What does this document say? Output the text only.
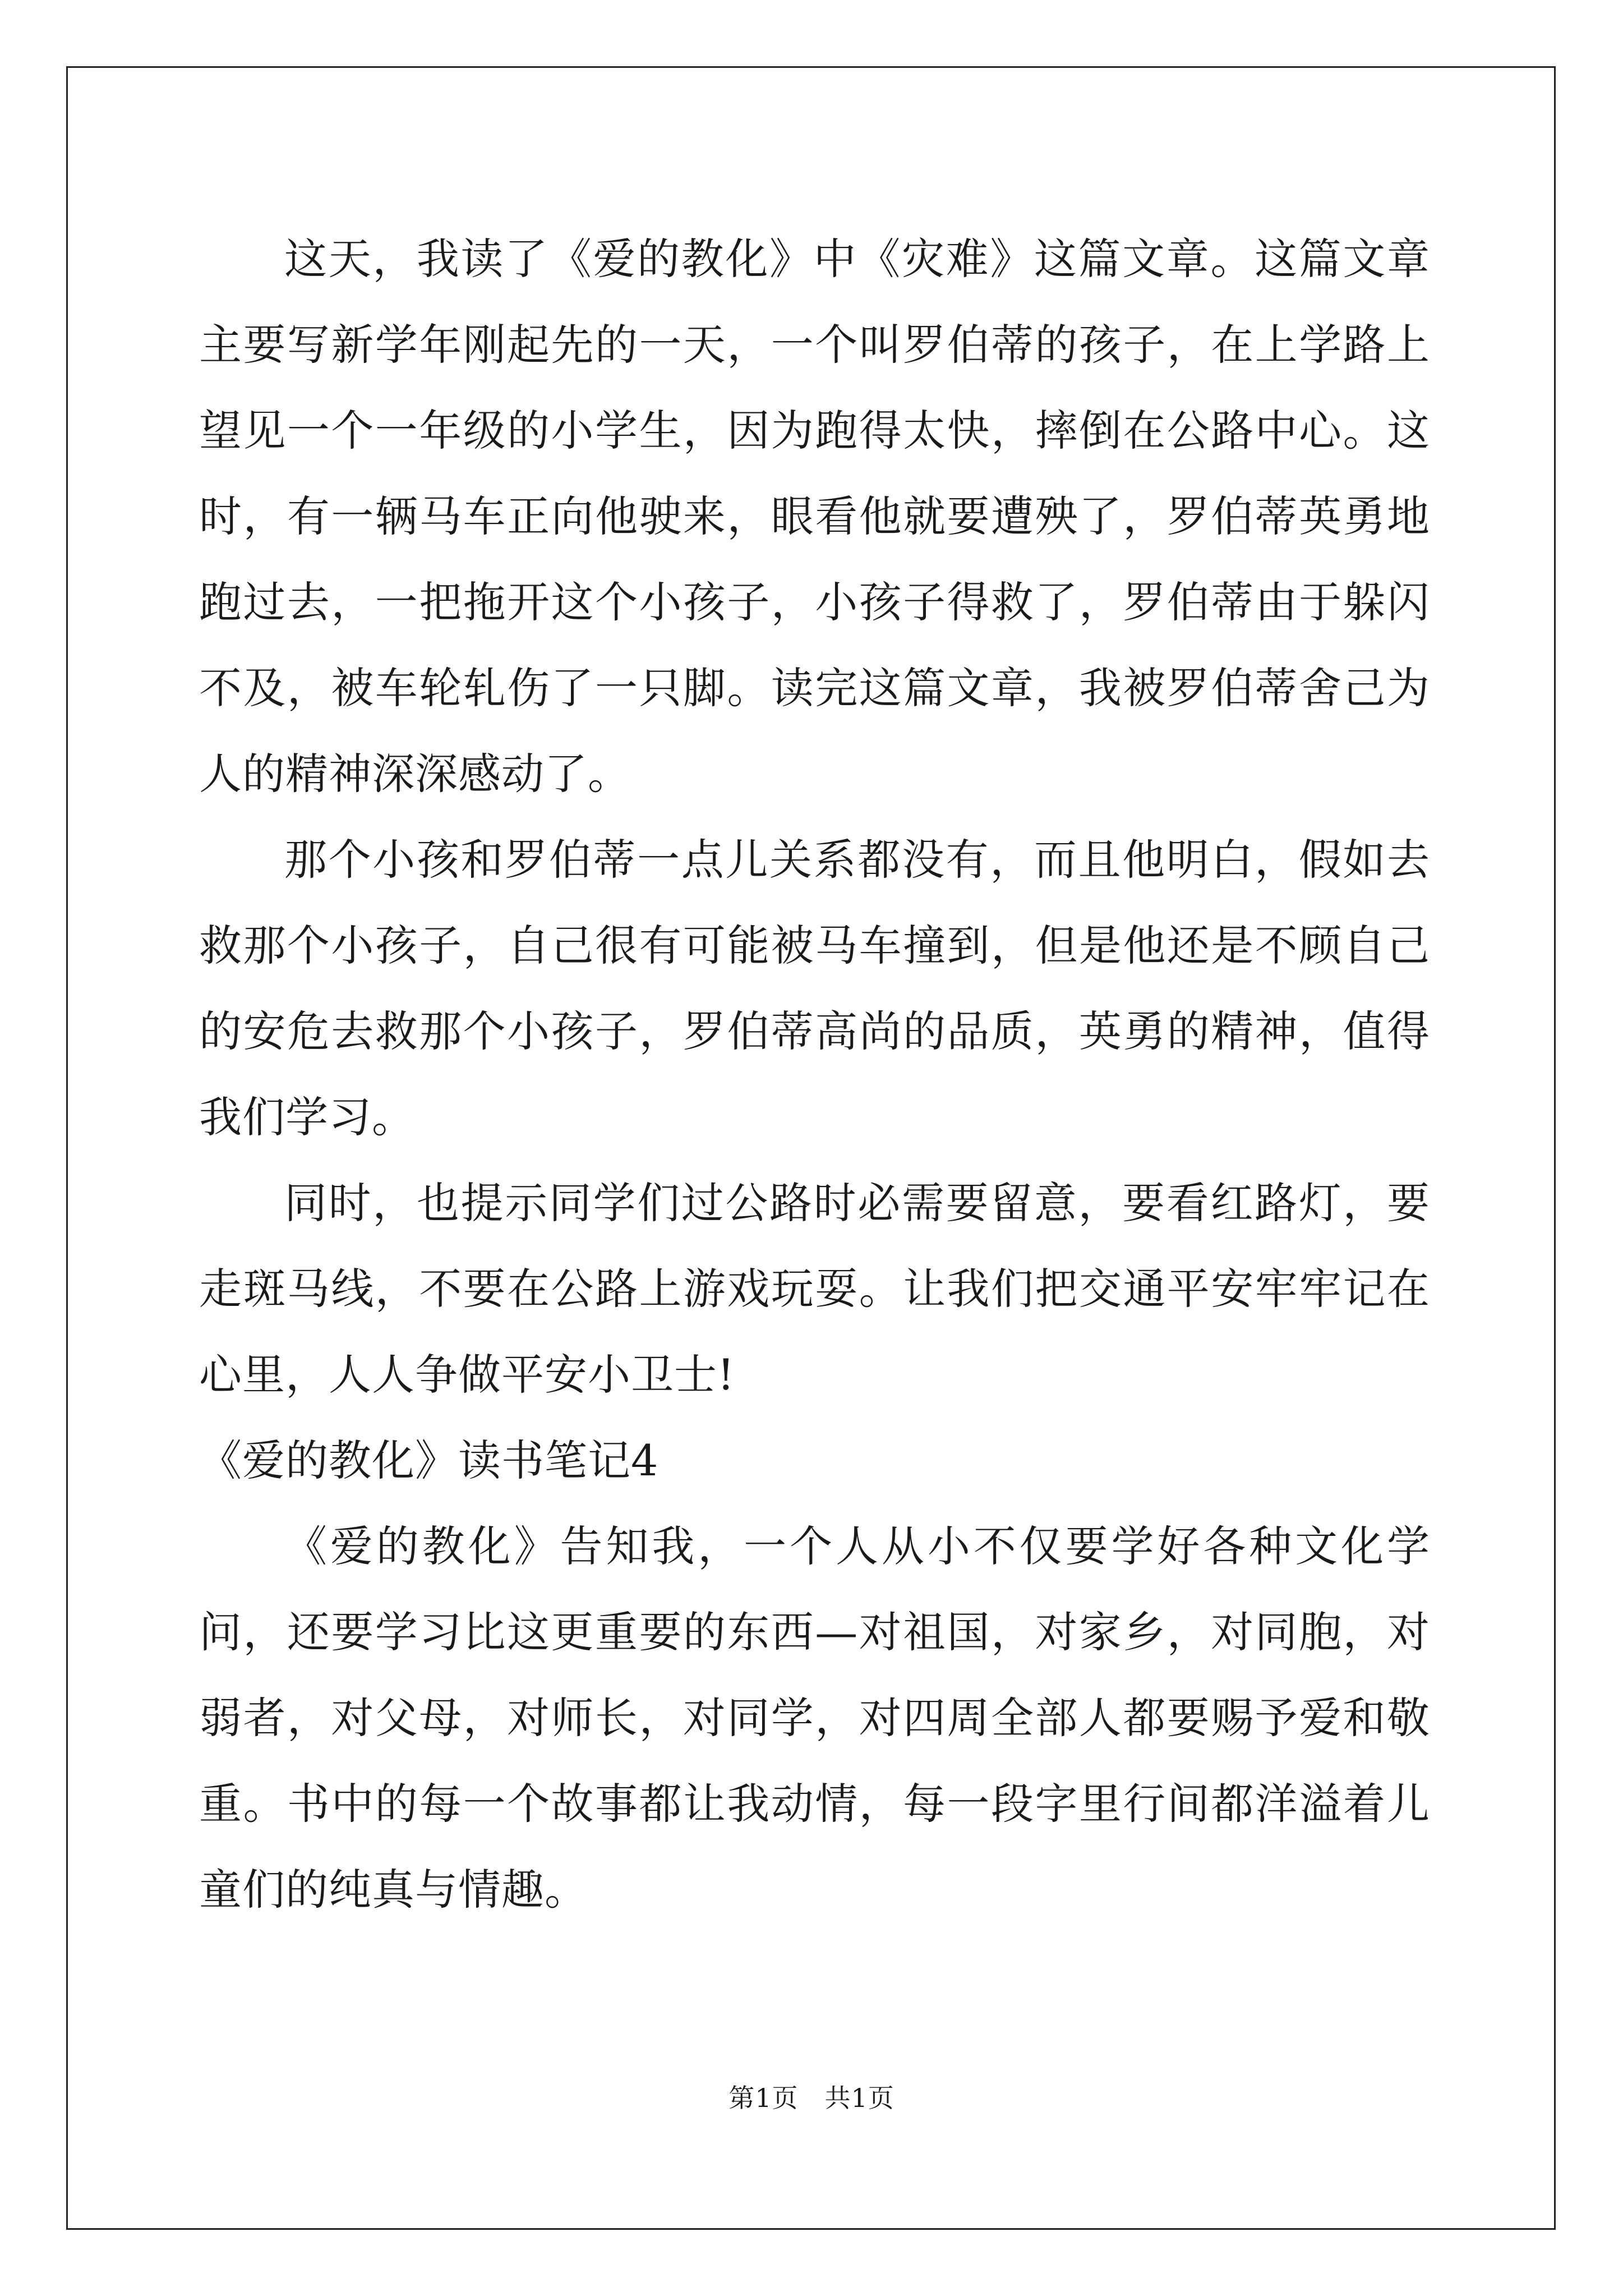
这天，我读了《爱的教化》中《灾难》这篇文章。这篇文章主要写新学年刚起先的一天，一个叫罗伯蒂的孩子，在上学路上望见一个一年级的小学生，因为跑得太快，摔倒在公路中心。这时，有一辆马车正向他驶来，眼看他就要遭殃了，罗伯蒂英勇地跑过去，一把拖开这个小孩子，小孩子得救了，罗伯蒂由于躲闪不及，被车轮轧伤了一只脚。读完这篇文章，我被罗伯蒂舍己为人的精神深深感动了。

那个小孩和罗伯蒂一点儿关系都没有，而且他明白，假如去救那个小孩子，自己很有可能被马车撞到，但是他还是不顾自己的安危去救那个小孩子，罗伯蒂高尚的品质，英勇的精神，值得我们学习。

同时，也提示同学们过公路时必需要留意，要看红路灯，要走斑马线，不要在公路上游戏玩耍。让我们把交通平安牢牢记在心里，人人争做平安小卫士!

《爱的教化》读书笔记4

《爱的教化》告知我，一个人从小不仅要学好各种文化学问，还要学习比这更重要的东西—对祖国，对家乡，对同胞，对弱者，对父母，对师长，对同学，对四周全部人都要赐予爱和敬重。书中的每一个故事都让我动情，每一段字里行间都洋溢着儿童们的纯真与情趣。

第1页　共1页
